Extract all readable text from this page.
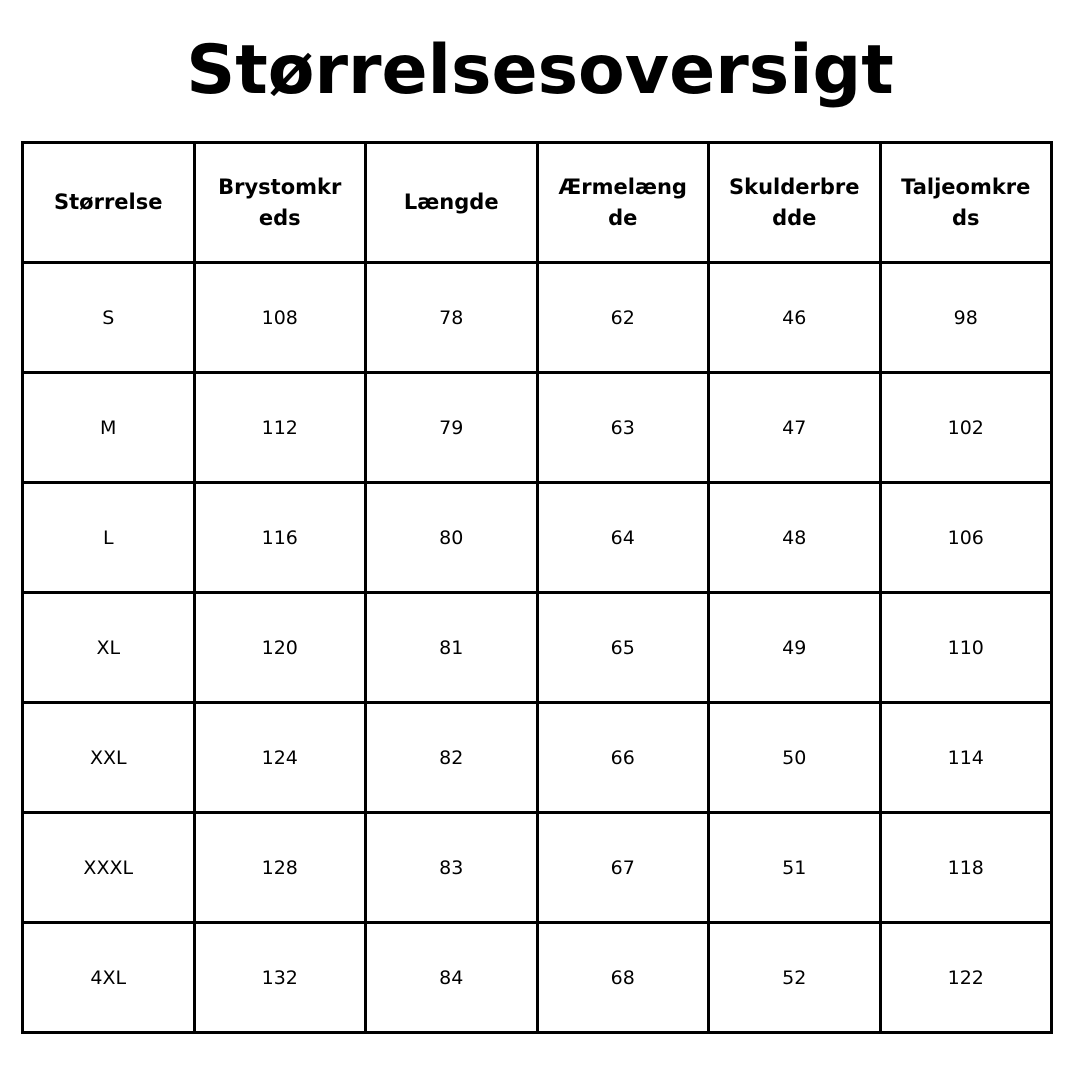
Størrelsesoversigt
Størrelse	Brystomkreds	Længde	Ærmelængde	Skulderbredde	Taljeomkreds
S	108	78	62	46	98
M	112	79	63	47	102
L	116	80	64	48	106
XL	120	81	65	49	110
XXL	124	82	66	50	114
XXXL	128	83	67	51	118
4XL	132	84	68	52	122
